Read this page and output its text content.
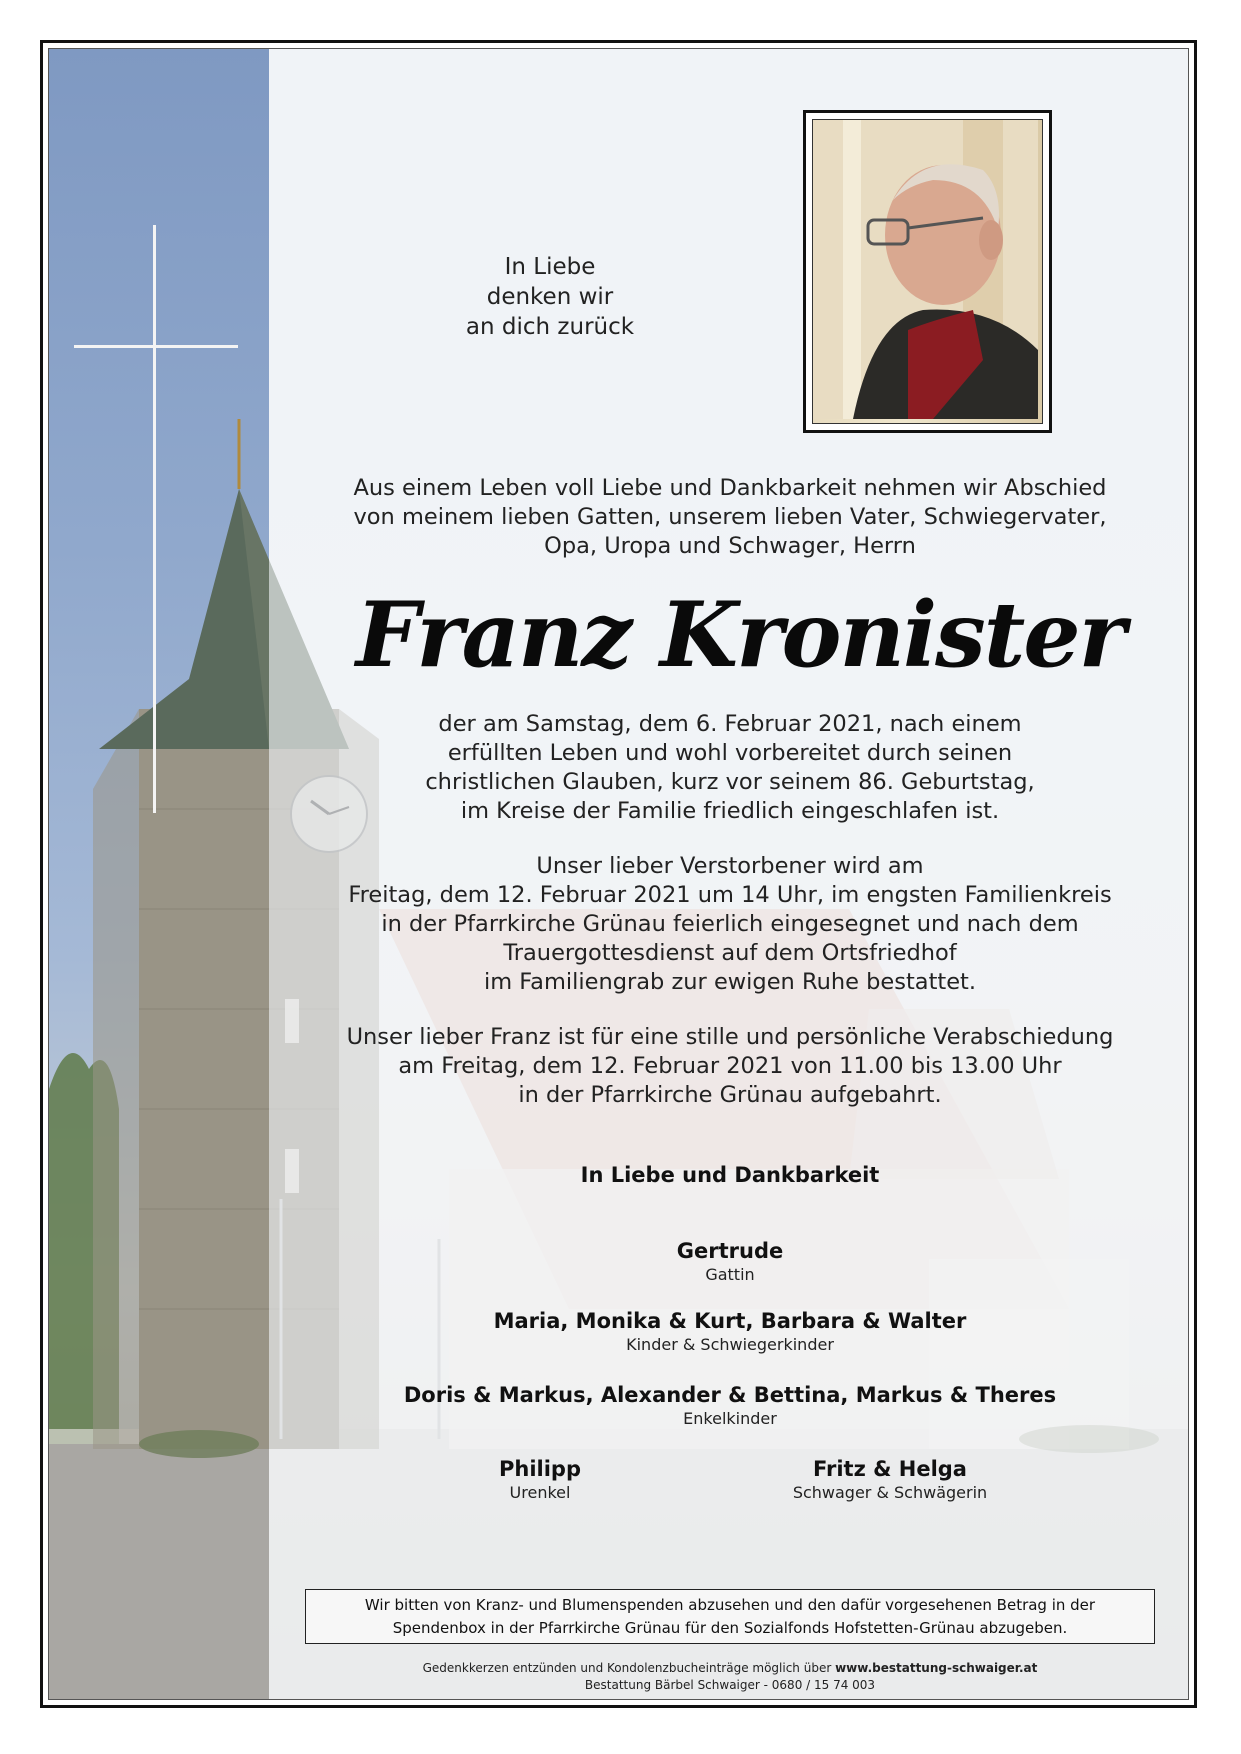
In Liebe
denken wir
an dich zurück
Aus einem Leben voll Liebe und Dankbarkeit nehmen wir Abschied
von meinem lieben Gatten, unserem lieben Vater, Schwiegervater,
Opa, Uropa und Schwager, Herrn
Franz Kronister
der am Samstag, dem 6. Februar 2021, nach einem
erfüllten Leben und wohl vorbereitet durch seinen
christlichen Glauben, kurz vor seinem 86. Geburtstag,
im Kreise der Familie friedlich eingeschlafen ist.
Unser lieber Verstorbener wird am
Freitag, dem 12. Februar 2021 um 14 Uhr, im engsten Familienkreis
in der Pfarrkirche Grünau feierlich eingesegnet und nach dem
Trauergottesdienst auf dem Ortsfriedhof
im Familiengrab zur ewigen Ruhe bestattet.
Unser lieber Franz ist für eine stille und persönliche Verabschiedung
am Freitag, dem 12. Februar 2021 von 11.00 bis 13.00 Uhr
in der Pfarrkirche Grünau aufgebahrt.
In Liebe und Dankbarkeit
Gertrude
Gattin
Maria, Monika & Kurt, Barbara & Walter
Kinder & Schwiegerkinder
Doris & Markus, Alexander & Bettina, Markus & Theres
Enkelkinder
Philipp
Urenkel
Fritz & Helga
Schwager & Schwägerin
Wir bitten von Kranz- und Blumenspenden abzusehen und den dafür vorgesehenen Betrag in der
Spendenbox in der Pfarrkirche Grünau für den Sozialfonds Hofstetten-Grünau abzugeben.
Gedenkkerzen entzünden und Kondolenzbucheinträge möglich über www.bestattung-schwaiger.at
Bestattung Bärbel Schwaiger - 0680 / 15 74 003
